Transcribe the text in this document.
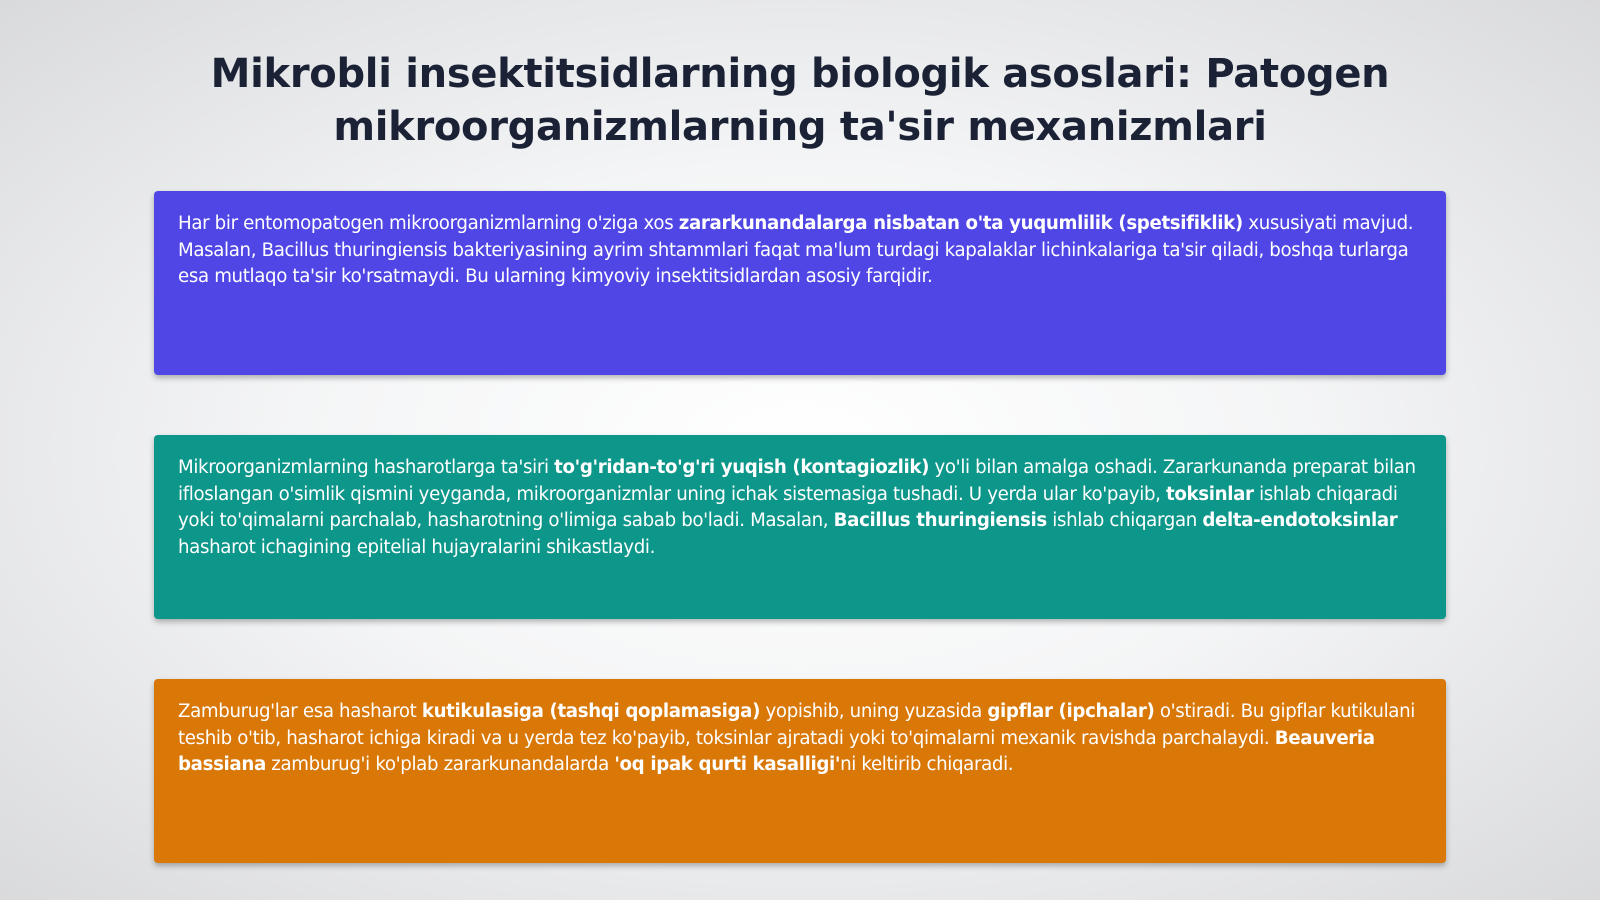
Mikrobli insektitsidlarning biologik asoslari: Patogen mikroorganizmlarning ta'sir mexanizmlari

Har bir entomopatogen mikroorganizmlarning o'ziga xos zararkunandalarga nisbatan o'ta yuqumlilik (spetsifiklik) xususiyati mavjud. Masalan, Bacillus thuringiensis bakteriyasining ayrim shtammlari faqat ma'lum turdagi kapalaklar lichinkalariga ta'sir qiladi, boshqa turlarga esa mutlaqo ta'sir ko'rsatmaydi. Bu ularning kimyoviy insektitsidlardan asosiy farqidir.

Mikroorganizmlarning hasharotlarga ta'siri to'g'ridan-to'g'ri yuqish (kontagiozlik) yo'li bilan amalga oshadi. Zararkunanda preparat bilan ifloslangan o'simlik qismini yeyganda, mikroorganizmlar uning ichak sistemasiga tushadi. U yerda ular ko'payib, toksinlar ishlab chiqaradi yoki to'qimalarni parchalab, hasharotning o'limiga sabab bo'ladi. Masalan, Bacillus thuringiensis ishlab chiqargan delta-endotoksinlar hasharot ichagining epitelial hujayralarini shikastlaydi.

Zamburug'lar esa hasharot kutikulasiga (tashqi qoplamasiga) yopishib, uning yuzasida gipflar (ipchalar) o'stiradi. Bu gipflar kutikulani teshib o'tib, hasharot ichiga kiradi va u yerda tez ko'payib, toksinlar ajratadi yoki to'qimalarni mexanik ravishda parchalaydi. Beauveria bassiana zamburug'i ko'plab zararkunandalarda 'oq ipak qurti kasalligi'ni keltirib chiqaradi.
